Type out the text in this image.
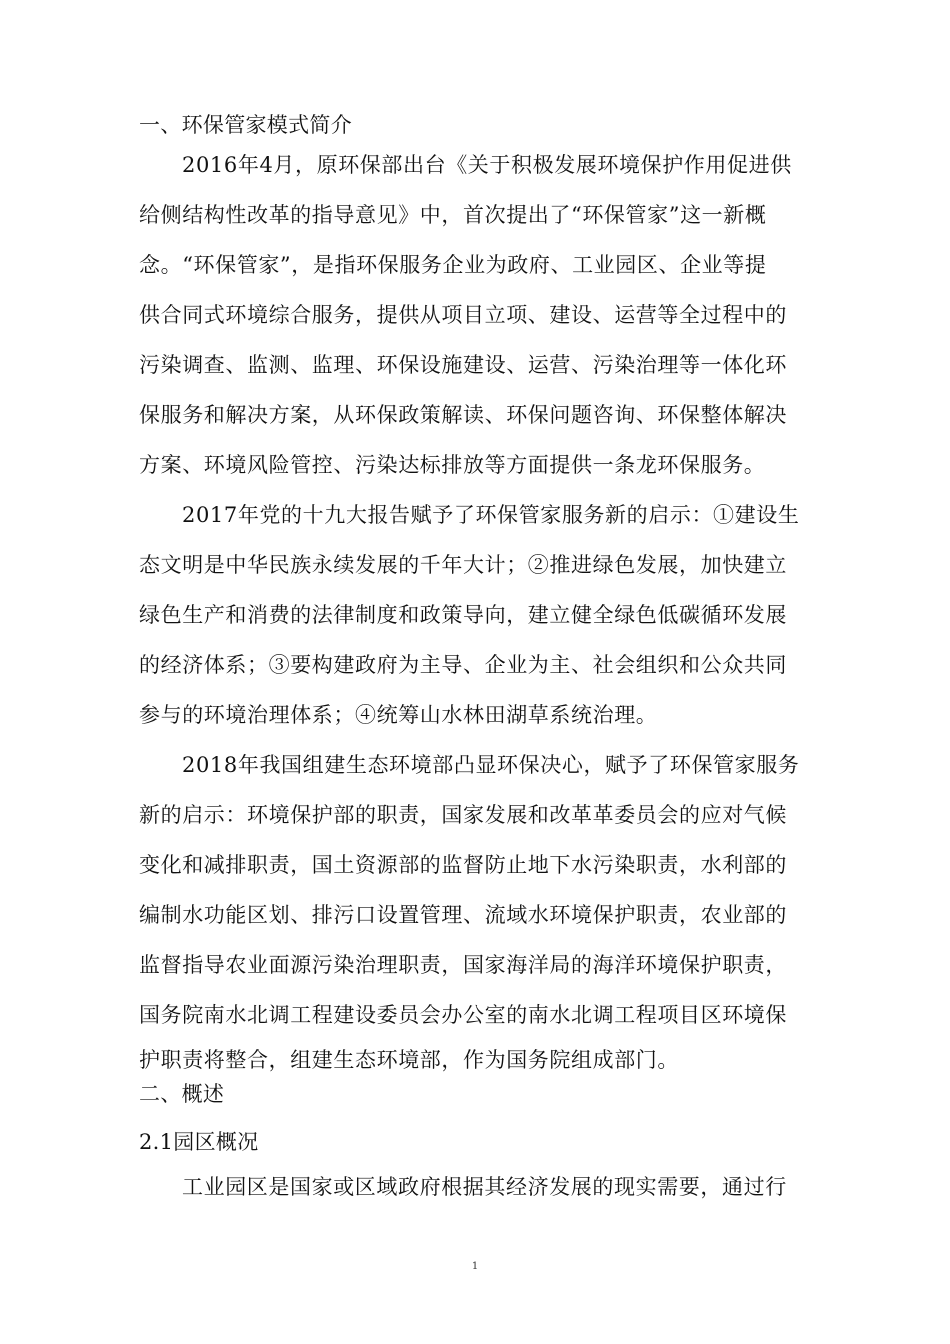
一、环保管家模式简介
2016年4月，原环保部出台《关于积极发展环境保护作用促进供
给侧结构性改革的指导意见》中，首次提出了“环保管家”这一新概
念。“环保管家”，是指环保服务企业为政府、工业园区、企业等提
供合同式环境综合服务，提供从项目立项、建设、运营等全过程中的
污染调查、监测、监理、环保设施建设、运营、污染治理等一体化环
保服务和解决方案，从环保政策解读、环保问题咨询、环保整体解决
方案、环境风险管控、污染达标排放等方面提供一条龙环保服务。
2017年党的十九大报告赋予了环保管家服务新的启示：①建设生
态文明是中华民族永续发展的千年大计；②推进绿色发展，加快建立
绿色生产和消费的法律制度和政策导向，建立健全绿色低碳循环发展
的经济体系；③要构建政府为主导、企业为主、社会组织和公众共同
参与的环境治理体系；④统筹山水林田湖草系统治理。
2018年我国组建生态环境部凸显环保决心，赋予了环保管家服务
新的启示：环境保护部的职责，国家发展和改革革委员会的应对气候
变化和减排职责，国土资源部的监督防止地下水污染职责，水利部的
编制水功能区划、排污口设置管理、流域水环境保护职责，农业部的
监督指导农业面源污染治理职责，国家海洋局的海洋环境保护职责，
国务院南水北调工程建设委员会办公室的南水北调工程项目区环境保
护职责将整合，组建生态环境部，作为国务院组成部门。
二、概述
2.1园区概况
工业园区是国家或区域政府根据其经济发展的现实需要，通过行
1
